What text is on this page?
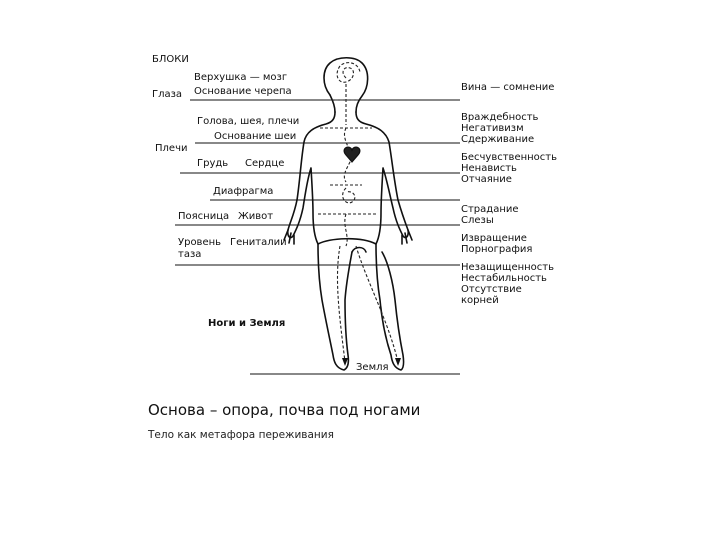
БЛОКИ
Верхушка — мозг
Глаза Основание черепа
Голова, шея, плечи
Основание шеи
Плечи
Грудь Сердце
Диафрагма
Поясница Живот
Уровень
таза
Гениталии
Ноги и Земля
Земля
Вина — сомнение
Враждебность
Негативизм
Сдерживание
Бесчувственность
Ненависть
Отчаяние
Страдание
Слезы
Извращение
Порнография
Незащищенность
Нестабильность
Отсутствие корней
Основа – опора, почва под ногами
Тело как метафора переживания
